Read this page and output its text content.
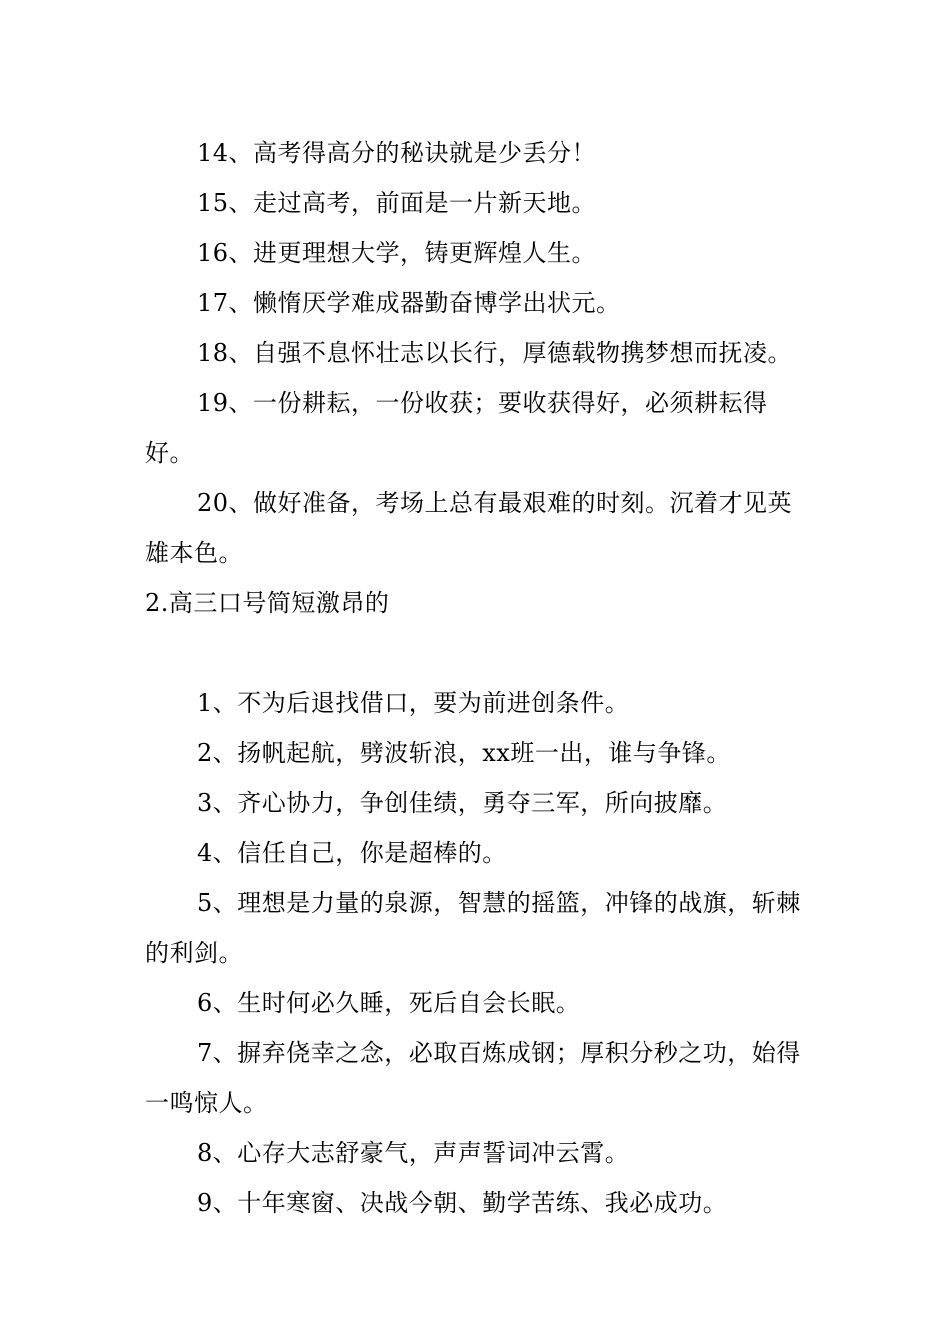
14、高考得高分的秘诀就是少丢分！

15、走过高考，前面是一片新天地。

16、进更理想大学，铸更辉煌人生。

17、懒惰厌学难成器勤奋博学出状元。

18、自强不息怀壮志以长行，厚德载物携梦想而抚凌。

19、一份耕耘，一份收获；要收获得好，必须耕耘得好。

20、做好准备，考场上总有最艰难的时刻。沉着才见英雄本色。

2.高三口号简短激昂的

1、不为后退找借口，要为前进创条件。

2、扬帆起航，劈波斩浪，xx班一出，谁与争锋。

3、齐心协力，争创佳绩，勇夺三军，所向披靡。

4、信任自己，你是超棒的。

5、理想是力量的泉源，智慧的摇篮，冲锋的战旗，斩棘的利剑。

6、生时何必久睡，死后自会长眠。

7、摒弃侥幸之念，必取百炼成钢；厚积分秒之功，始得一鸣惊人。

8、心存大志舒豪气，声声誓词冲云霄。

9、十年寒窗、决战今朝、勤学苦练、我必成功。
